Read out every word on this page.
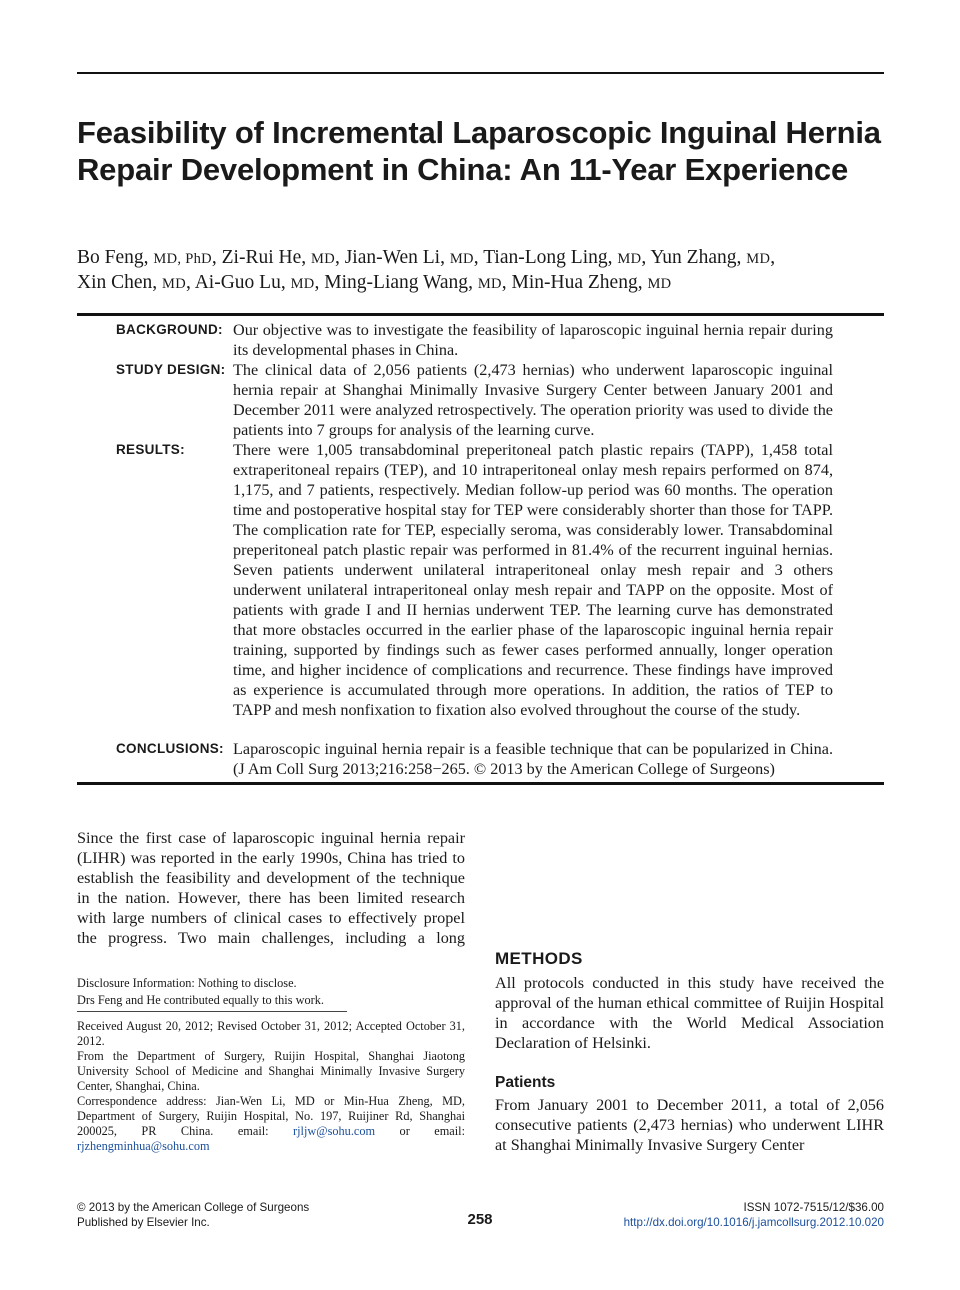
Feasibility of Incremental Laparoscopic Inguinal Hernia Repair Development in China: An 11-Year Experience
Bo Feng, MD, PhD, Zi-Rui He, MD, Jian-Wen Li, MD, Tian-Long Ling, MD, Yun Zhang, MD,
Xin Chen, MD, Ai-Guo Lu, MD, Ming-Liang Wang, MD, Min-Hua Zheng, MD
BACKGROUND: Our objective was to investigate the feasibility of laparoscopic inguinal hernia repair during its developmental phases in China.
STUDY DESIGN: The clinical data of 2,056 patients (2,473 hernias) who underwent laparoscopic inguinal hernia repair at Shanghai Minimally Invasive Surgery Center between January 2001 and December 2011 were analyzed retrospectively. The operation priority was used to divide the patients into 7 groups for analysis of the learning curve.
RESULTS:	There were 1,005 transabdominal preperitoneal patch plastic repairs (TAPP), 1,458 total extraperitoneal repairs (TEP), and 10 intraperitoneal onlay mesh repairs performed on 874, 1,175, and 7 patients, respectively. Median follow-up period was 60 months. The operation time and postoperative hospital stay for TEP were considerably shorter than those for TAPP. The complication rate for TEP, especially seroma, was considerably lower. Transabdominal preperitoneal patch plastic repair was performed in 81.4% of the recurrent inguinal hernias. Seven patients underwent unilateral intraperitoneal onlay mesh repair and 3 others underwent unilateral intraperitoneal onlay mesh repair and TAPP on the opposite. Most of patients with grade I and II hernias underwent TEP. The learning curve has demonstrated that more obstacles occurred in the earlier phase of the laparoscopic inguinal hernia repair training, supported by findings such as fewer cases performed annually, longer operation time, and higher incidence of complications and recurrence. These findings have improved as experience is accumulated through more operations. In addition, the ratios of TEP to TAPP and mesh nonfixation to fixation also evolved throughout the course of the study.
CONCLUSIONS: Laparoscopic inguinal hernia repair is a feasible technique that can be popularized in China. (J Am Coll Surg 2013;216:258−265. © 2013 by the American College of Surgeons)
Since the first case of laparoscopic inguinal hernia repair (LIHR) was reported in the early 1990s, China has tried to establish the feasibility and development of the technique in the nation. However, there has been limited research with large numbers of clinical cases to effectively propel the progress. Two main challenges, including a long
METHODS
All protocols conducted in this study have received the approval of the human ethical committee of Ruijin Hospital in accordance with the World Medical Association Declaration of Helsinki.
Patients
From January 2001 to December 2011, a total of 2,056 consecutive patients (2,473 hernias) who underwent LIHR at Shanghai Minimally Invasive Surgery Center
Disclosure Information: Nothing to disclose.
Drs Feng and He contributed equally to this work.
Received August 20, 2012; Revised October 31, 2012; Accepted October 31, 2012.
From the Department of Surgery, Ruijin Hospital, Shanghai Jiaotong University School of Medicine and Shanghai Minimally Invasive Surgery Center, Shanghai, China.
Correspondence address: Jian-Wen Li, MD or Min-Hua Zheng, MD, Department of Surgery, Ruijin Hospital, No. 197, Ruijiner Rd, Shanghai 200025, PR China. email: rjljw@sohu.com or email: rjzhengminhua@sohu.com
© 2013 by the American College of Surgeons
Published by Elsevier Inc.	258
ISSN 1072-7515/12/$36.00
http://dx.doi.org/10.1016/j.jamcollsurg.2012.10.020
